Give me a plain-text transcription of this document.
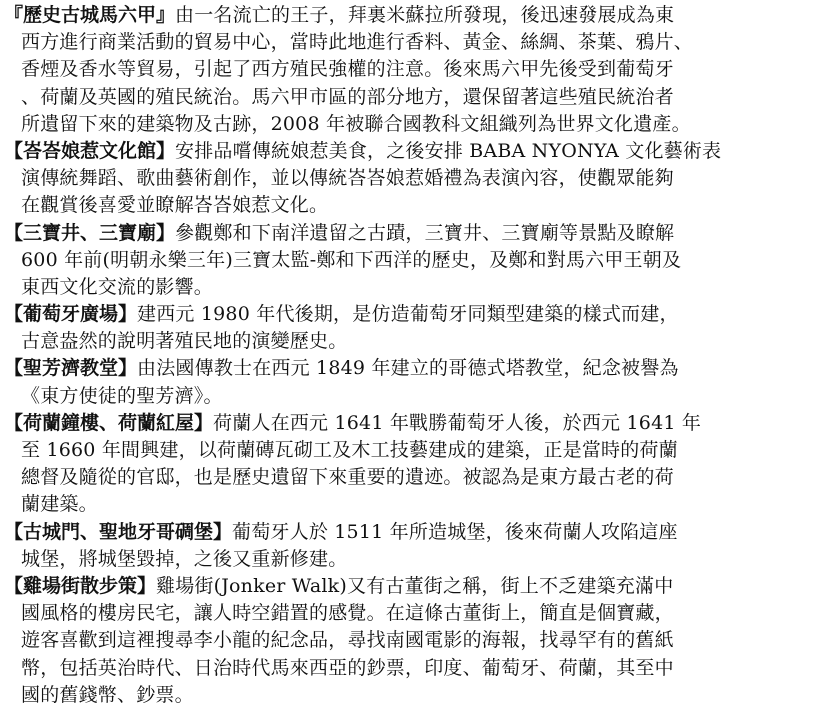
『歷史古城馬六甲』由一名流亡的王子，拜裏米蘇拉所發現，後迅速發展成為東
西方進行商業活動的貿易中心，當時此地進行香料、黃金、絲綢、茶葉、鴉片、
香煙及香水等貿易，引起了西方殖民強權的注意。後來馬六甲先後受到葡萄牙
、荷蘭及英國的殖民統治。馬六甲市區的部分地方，還保留著這些殖民統治者
所遺留下來的建築物及古跡，2008 年被聯合國教科文組織列為世界文化遺產。
【峇峇娘惹文化館】安排品嚐傳統娘惹美食，之後安排 BABA NYONYA 文化藝術表
演傳統舞蹈、歌曲藝術創作，並以傳統峇峇娘惹婚禮為表演內容，使觀眾能夠
在觀賞後喜愛並瞭解峇峇娘惹文化。
【三寶井、三寶廟】參觀鄭和下南洋遺留之古蹟，三寶井、三寶廟等景點及瞭解
600 年前(明朝永樂三年)三寶太監-鄭和下西洋的歷史，及鄭和對馬六甲王朝及
東西文化交流的影響。
【葡萄牙廣場】建西元 1980 年代後期，是仿造葡萄牙同類型建築的樣式而建，
古意盎然的說明著殖民地的演變歷史。
【聖芳濟教堂】由法國傳教士在西元 1849 年建立的哥德式塔教堂，紀念被譽為
《東方使徒的聖芳濟》。
【荷蘭鐘樓、荷蘭紅屋】荷蘭人在西元 1641 年戰勝葡萄牙人後，於西元 1641 年
至 1660 年間興建，以荷蘭磚瓦砌工及木工技藝建成的建築，正是當時的荷蘭
總督及隨從的官邸，也是歷史遺留下來重要的遺迹。被認為是東方最古老的荷
蘭建築。
【古城門、聖地牙哥碉堡】葡萄牙人於 1511 年所造城堡，後來荷蘭人攻陷這座
城堡，將城堡毀掉，之後又重新修建。
【雞場街散步策】雞場街(Jonker Walk)又有古董街之稱，街上不乏建築充滿中
國風格的樓房民宅，讓人時空錯置的感覺。在這條古董街上，簡直是個寶藏，
遊客喜歡到這裡搜尋李小龍的紀念品，尋找南國電影的海報，找尋罕有的舊紙
幣，包括英治時代、日治時代馬來西亞的鈔票，印度、葡萄牙、荷蘭，其至中
國的舊錢幣、鈔票。
